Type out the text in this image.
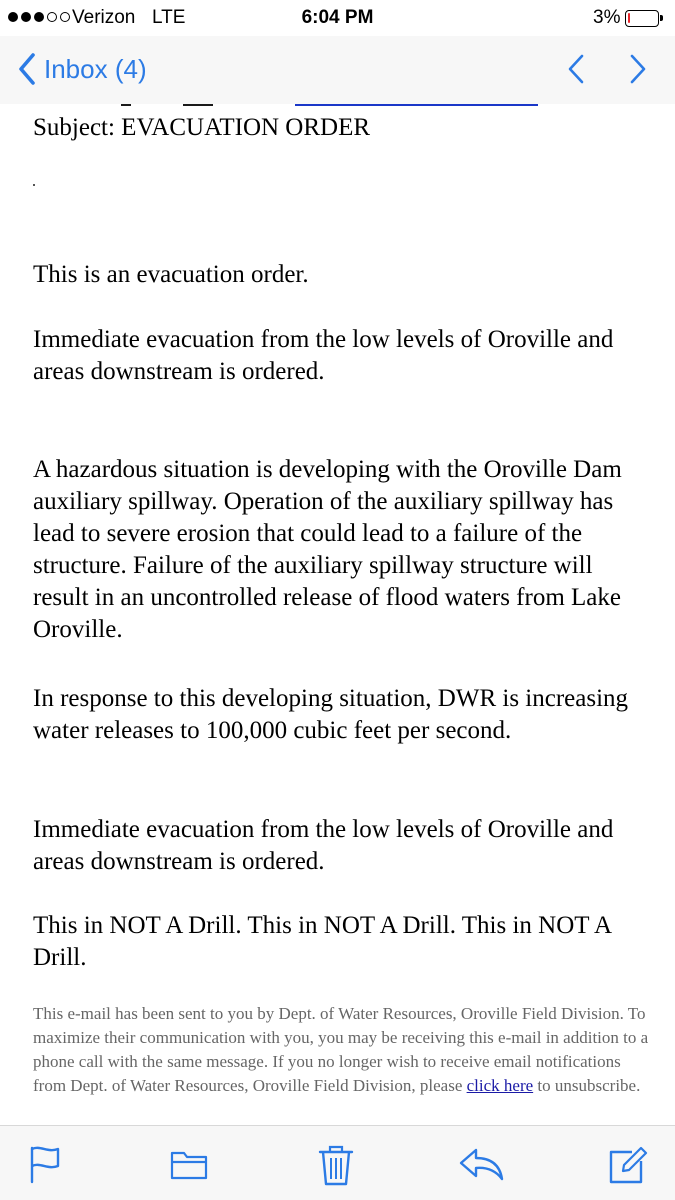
Verizon LTE	6:04 PM	3%
Inbox (4)
Subject: EVACUATION ORDER

This is an evacuation order.

Immediate evacuation from the low levels of Oroville and areas downstream is ordered.

A hazardous situation is developing with the Oroville Dam auxiliary spillway. Operation of the auxiliary spillway has lead to severe erosion that could lead to a failure of the structure. Failure of the auxiliary spillway structure will result in an uncontrolled release of flood waters from Lake Oroville.

In response to this developing situation, DWR is increasing water releases to 100,000 cubic feet per second.

Immediate evacuation from the low levels of Oroville and areas downstream is ordered.

This in NOT A Drill. This in NOT A Drill. This in NOT A Drill.

This e-mail has been sent to you by Dept. of Water Resources, Oroville Field Division. To maximize their communication with you, you may be receiving this e-mail in addition to a phone call with the same message. If you no longer wish to receive email notifications from Dept. of Water Resources, Oroville Field Division, please click here to unsubscribe.
